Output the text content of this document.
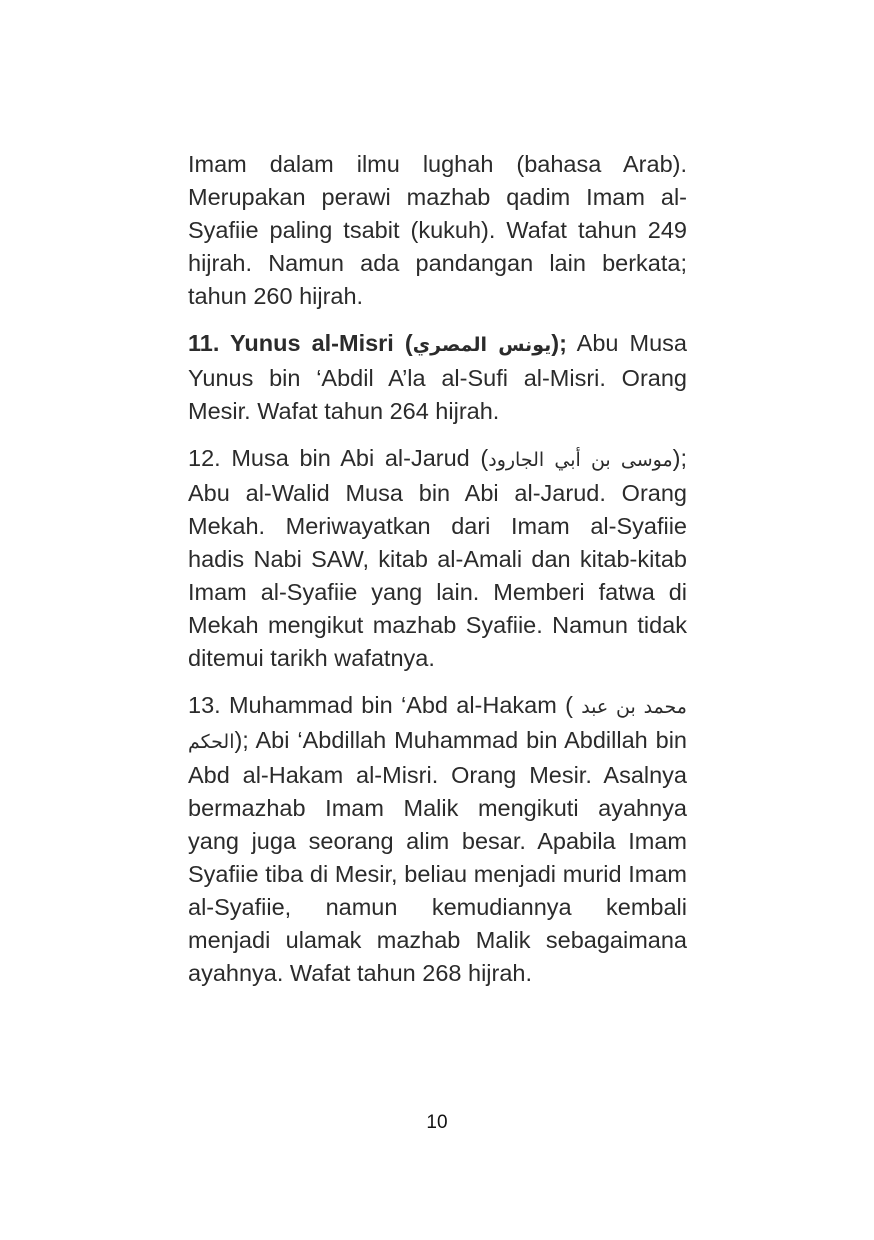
Imam dalam ilmu lughah (bahasa Arab). Merupakan perawi mazhab qadim Imam al-Syafiie paling tsabit (kukuh). Wafat tahun 249 hijrah. Namun ada pandangan lain berkata; tahun 260 hijrah.

11. Yunus al-Misri (يونس المصري); Abu Musa Yunus bin ‘Abdil A’la al-Sufi al-Misri. Orang Mesir. Wafat tahun 264 hijrah.

12. Musa bin Abi al-Jarud (موسى بن أبي الجارود); Abu al-Walid Musa bin Abi al-Jarud. Orang Mekah. Meriwayatkan dari Imam al-Syafiie hadis Nabi SAW, kitab al-Amali dan kitab-kitab Imam al-Syafiie yang lain. Memberi fatwa di Mekah mengikut mazhab Syafiie. Namun tidak ditemui tarikh wafatnya.

13. Muhammad bin ‘Abd al-Hakam ( محمد بن عبد الحكم); Abi ‘Abdillah Muhammad bin Abdillah bin Abd al-Hakam al-Misri. Orang Mesir. Asalnya bermazhab Imam Malik mengikuti ayahnya yang juga seorang alim besar. Apabila Imam Syafiie tiba di Mesir, beliau menjadi murid Imam al-Syafiie, namun kemudiannya kembali menjadi ulamak mazhab Malik sebagaimana ayahnya. Wafat tahun 268 hijrah.

10
